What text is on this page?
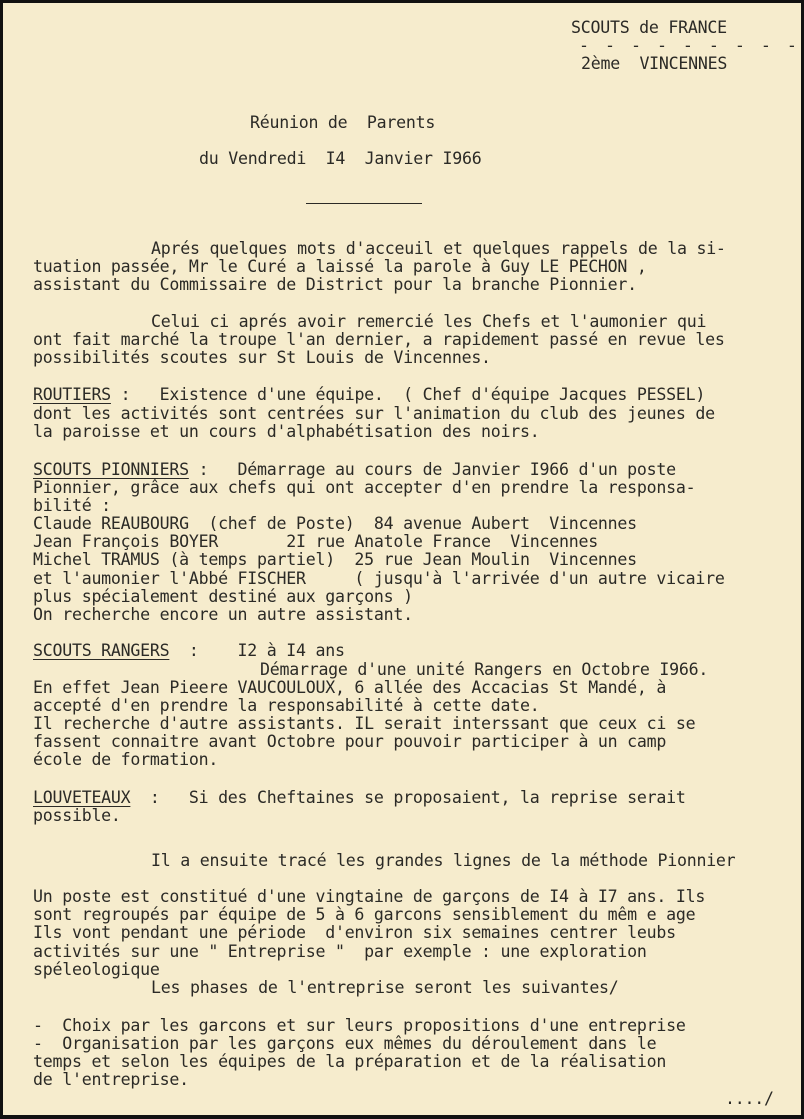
SCOUTS de FRANCE
- - - - - - - - -
2ème  VINCENNES
Réunion de  Parents
du Vendredi  I4  Janvier I966
Aprés quelques mots d'acceuil et quelques rappels de la si-
tuation passée, Mr le Curé a laissé la parole à Guy LE PECHON ,
assistant du Commissaire de District pour la branche Pionnier.
Celui ci aprés avoir remercié les Chefs et l'aumonier qui
ont fait marché la troupe l'an dernier, a rapidement passé en revue les
possibilités scoutes sur St Louis de Vincennes.
ROUTIERS :   Existence d'une équipe.  ( Chef d'équipe Jacques PESSEL)
dont les activités sont centrées sur l'animation du club des jeunes de
la paroisse et un cours d'alphabétisation des noirs.
SCOUTS PIONNIERS :   Démarrage au cours de Janvier I966 d'un poste
Pionnier, grâce aux chefs qui ont accepter d'en prendre la responsa-
bilité :
Claude REAUBOURG  (chef de Poste)  84 avenue Aubert  Vincennes
Jean François BOYER       2I rue Anatole France  Vincennes
Michel TRAMUS (à temps partiel)  25 rue Jean Moulin  Vincennes
et l'aumonier l'Abbé FISCHER     ( jusqu'à l'arrivée d'un autre vicaire
plus spécialement destiné aux garçons )
On recherche encore un autre assistant.
SCOUTS RANGERS  :    I2 à I4 ans
Démarrage d'une unité Rangers en Octobre I966.
En effet Jean Pieere VAUCOULOUX, 6 allée des Accacias St Mandé, à
accepté d'en prendre la responsabilité à cette date.
Il recherche d'autre assistants. IL serait interssant que ceux ci se
fassent connaitre avant Octobre pour pouvoir participer à un camp
école de formation.
LOUVETEAUX  :   Si des Cheftaines se proposaient, la reprise serait
possible.
Il a ensuite tracé les grandes lignes de la méthode Pionnier
Un poste est constitué d'une vingtaine de garçons de I4 à I7 ans. Ils
sont regroupés par équipe de 5 à 6 garcons sensiblement du mêm e age
Ils vont pendant une période  d'environ six semaines centrer leubs
activités sur une " Entreprise "  par exemple : une exploration
spéleologique
Les phases de l'entreprise seront les suivantes/
-  Choix par les garcons et sur leurs propositions d'une entreprise
-  Organisation par les garçons eux mêmes du déroulement dans le
temps et selon les équipes de la préparation et de la réalisation
de l'entreprise.
..../
